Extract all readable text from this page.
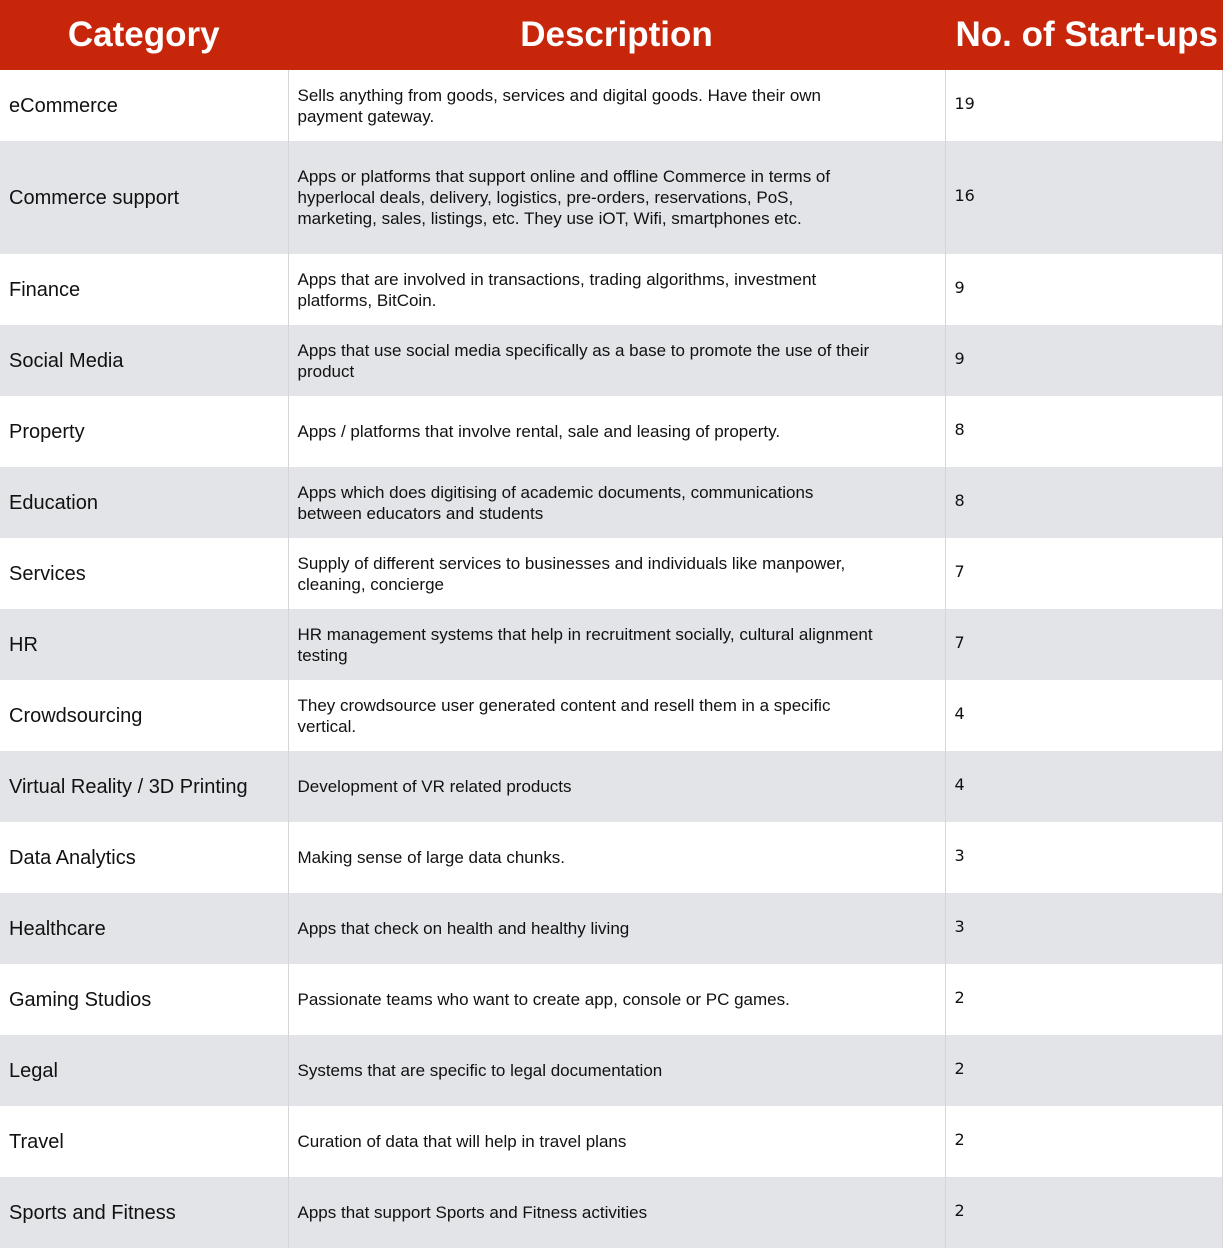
Category	Description	No. of Start-ups
eCommerce	Sells anything from goods, services and digital goods. Have their own payment gateway.	19
Commerce support	Apps or platforms that support online and offline Commerce in terms of hyperlocal deals, delivery, logistics, pre-orders, reservations, PoS, marketing, sales, listings, etc. They use iOT, Wifi, smartphones etc.	16
Finance	Apps that are involved in transactions, trading algorithms, investment platforms, BitCoin.	9
Social Media	Apps that use social media specifically as a base to promote the use of their product	9
Property	Apps / platforms that involve rental, sale and leasing of property.	8
Education	Apps which does digitising of academic documents, communications between educators and students	8
Services	Supply of different services to businesses and individuals like manpower, cleaning, concierge	7
HR	HR management systems that help in recruitment socially, cultural alignment testing	7
Crowdsourcing	They crowdsource user generated content and resell them in a specific vertical.	4
Virtual Reality / 3D Printing	Development of VR related products	4
Data Analytics	Making sense of large data chunks.	3
Healthcare	Apps that check on health and healthy living	3
Gaming Studios	Passionate teams who want to create app, console or PC games.	2
Legal	Systems that are specific to legal documentation	2
Travel	Curation of data that will help in travel plans	2
Sports and Fitness	Apps that support Sports and Fitness activities	2
